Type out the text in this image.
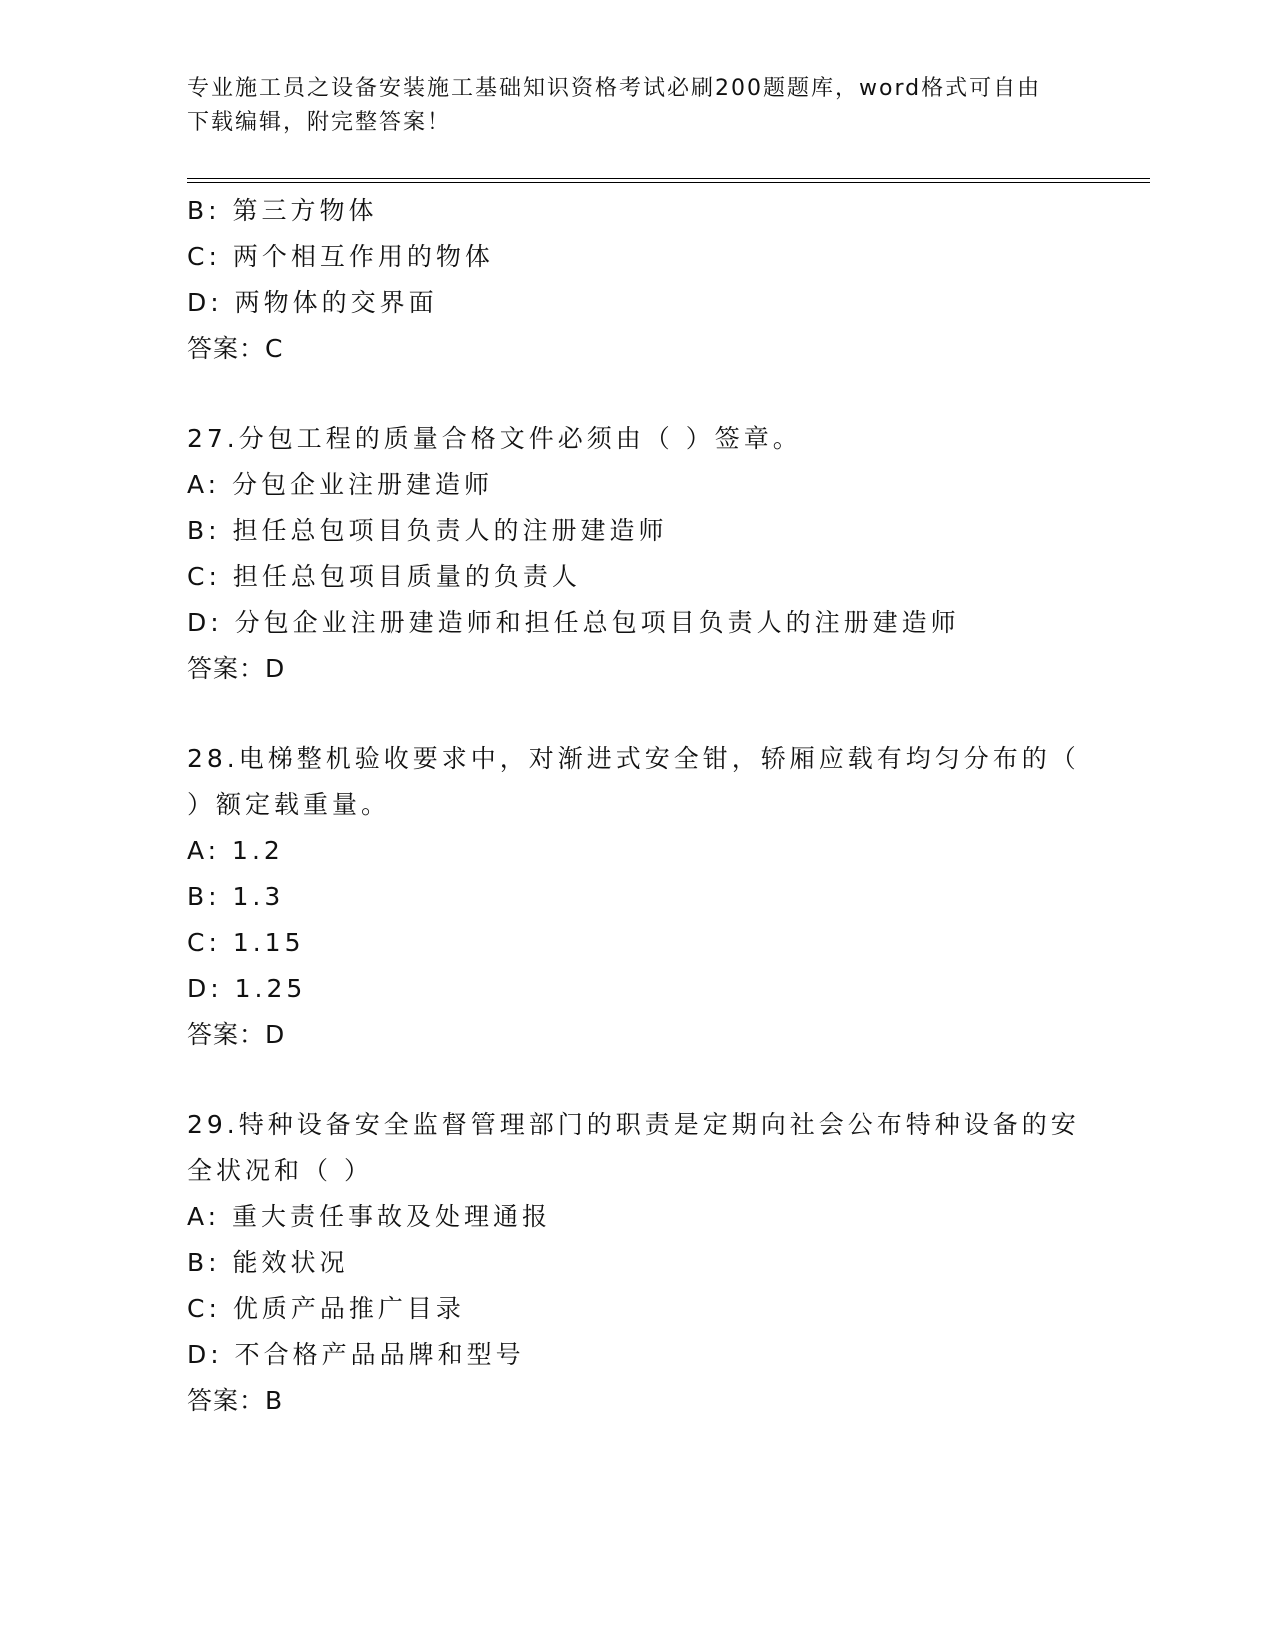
专业施工员之设备安装施工基础知识资格考试必刷200题题库，word格式可自由
下载编辑，附完整答案！
B: 第三方物体
C: 两个相互作用的物体
D: 两物体的交界面
答案：C
27.分包工程的质量合格文件必须由（ ）签章。
A: 分包企业注册建造师
B: 担任总包项目负责人的注册建造师
C: 担任总包项目质量的负责人
D: 分包企业注册建造师和担任总包项目负责人的注册建造师
答案：D
28.电梯整机验收要求中，对渐进式安全钳，轿厢应载有均匀分布的（
）额定载重量。
A: 1.2
B: 1.3
C: 1.15
D: 1.25
答案：D
29.特种设备安全监督管理部门的职责是定期向社会公布特种设备的安
全状况和（ ）
A: 重大责任事故及处理通报
B: 能效状况
C: 优质产品推广目录
D: 不合格产品品牌和型号
答案：B
